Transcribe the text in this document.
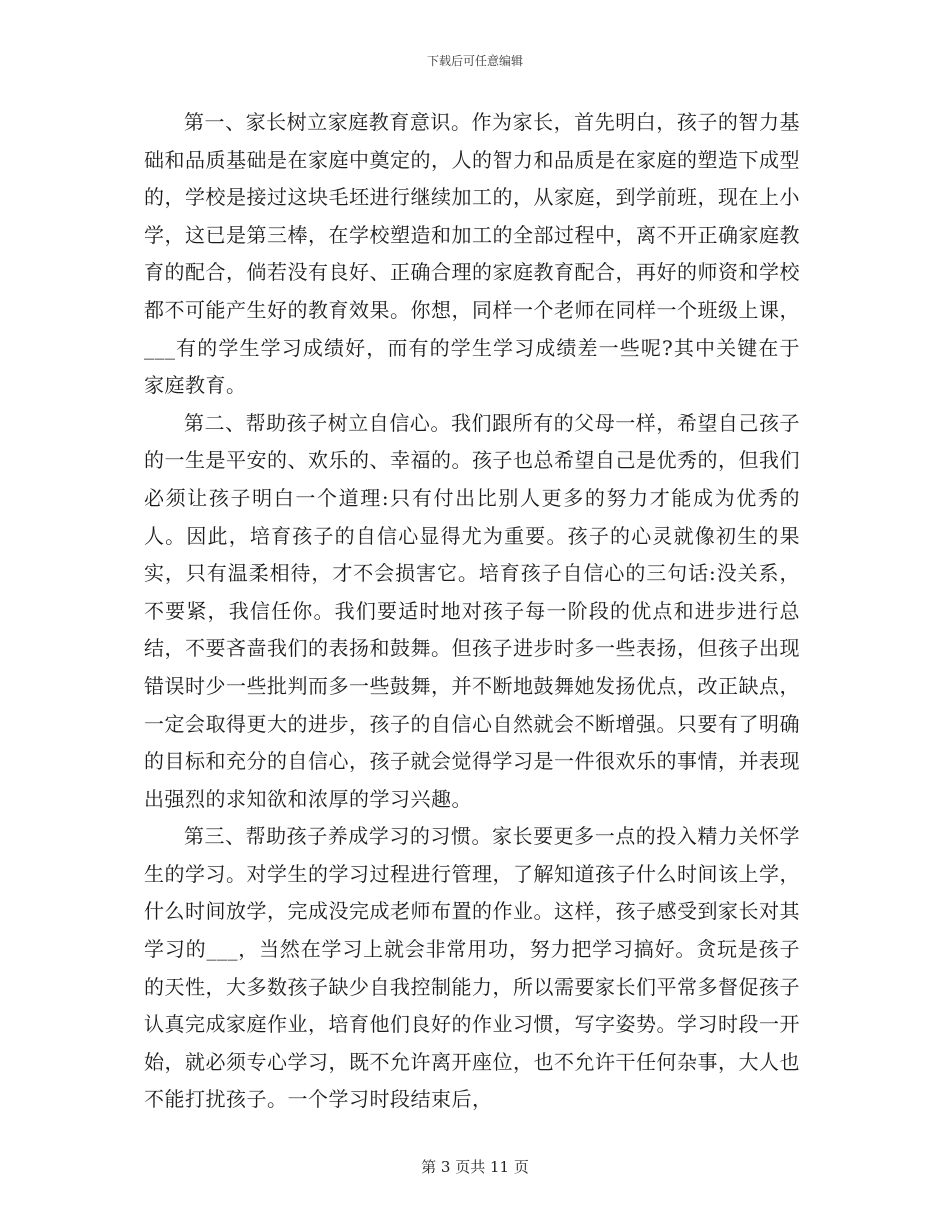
下载后可任意编辑

第一、家长树立家庭教育意识。作为家长，首先明白，孩子的智力基础和品质基础是在家庭中奠定的，人的智力和品质是在家庭的塑造下成型的，学校是接过这块毛坯进行继续加工的，从家庭，到学前班，现在上小学，这已是第三棒，在学校塑造和加工的全部过程中，离不开正确家庭教育的配合，倘若没有良好、正确合理的家庭教育配合，再好的师资和学校都不可能产生好的教育效果。你想，同样一个老师在同样一个班级上课，___有的学生学习成绩好，而有的学生学习成绩差一些呢?其中关键在于家庭教育。

第二、帮助孩子树立自信心。我们跟所有的父母一样，希望自己孩子的一生是平安的、欢乐的、幸福的。孩子也总希望自己是优秀的，但我们必须让孩子明白一个道理:只有付出比别人更多的努力才能成为优秀的人。因此，培育孩子的自信心显得尤为重要。孩子的心灵就像初生的果实，只有温柔相待，才不会损害它。培育孩子自信心的三句话:没关系，不要紧，我信任你。我们要适时地对孩子每一阶段的优点和进步进行总结，不要吝啬我们的表扬和鼓舞。但孩子进步时多一些表扬，但孩子出现错误时少一些批判而多一些鼓舞，并不断地鼓舞她发扬优点，改正缺点，一定会取得更大的进步，孩子的自信心自然就会不断增强。只要有了明确的目标和充分的自信心，孩子就会觉得学习是一件很欢乐的事情，并表现出强烈的求知欲和浓厚的学习兴趣。

第三、帮助孩子养成学习的习惯。家长要更多一点的投入精力关怀学生的学习。对学生的学习过程进行管理，了解知道孩子什么时间该上学，什么时间放学，完成没完成老师布置的作业。这样，孩子感受到家长对其学习的___，当然在学习上就会非常用功，努力把学习搞好。贪玩是孩子的天性，大多数孩子缺少自我控制能力，所以需要家长们平常多督促孩子认真完成家庭作业，培育他们良好的作业习惯，写字姿势。学习时段一开始，就必须专心学习，既不允许离开座位，也不允许干任何杂事，大人也不能打扰孩子。一个学习时段结束后，

第 3 页共 11 页
